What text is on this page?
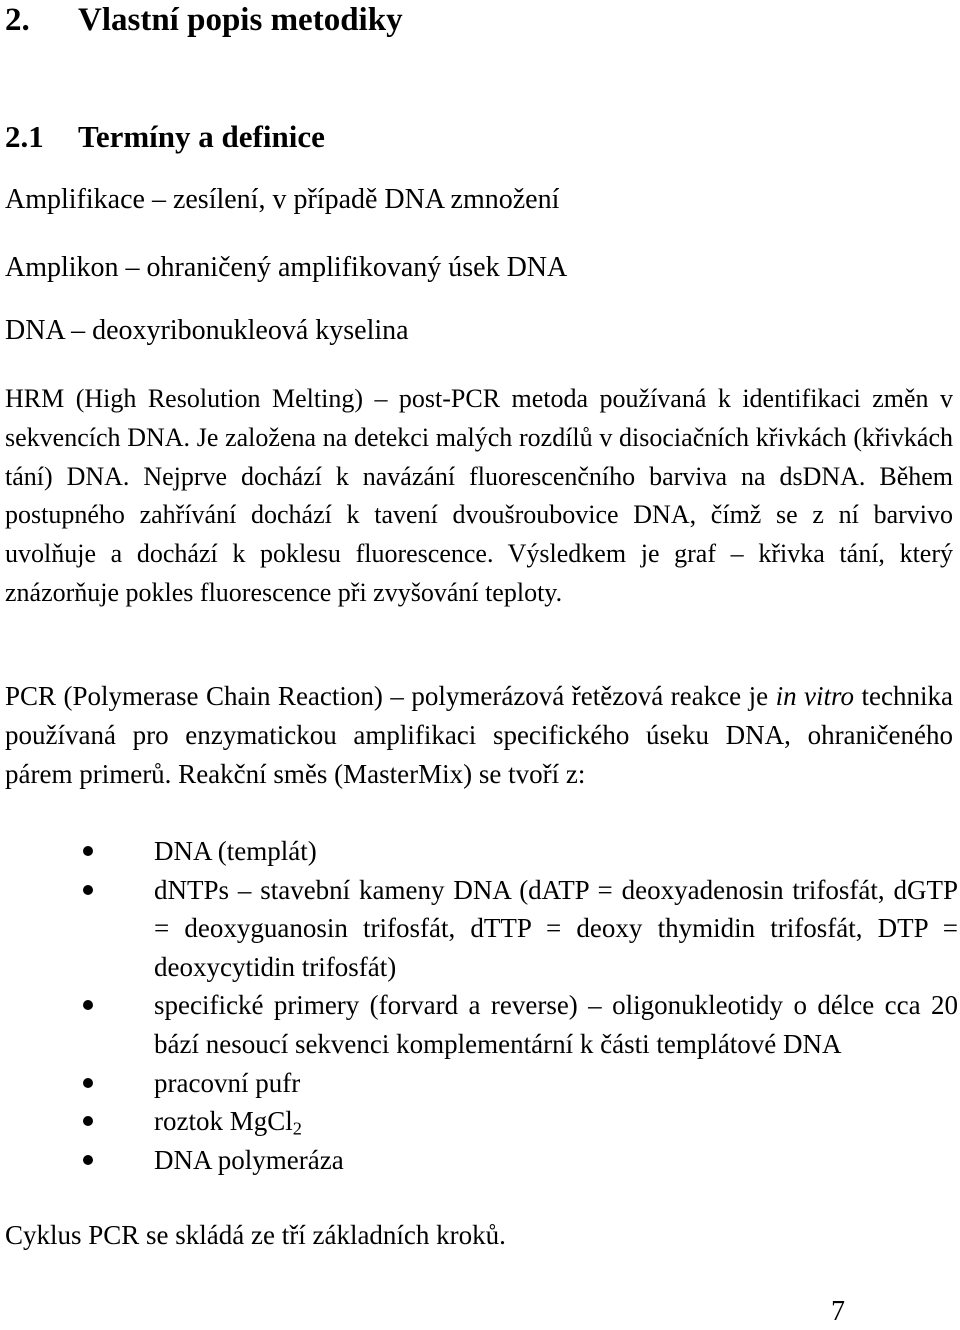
2. Vlastní popis metodiky
2.1 Termíny a definice

Amplifikace – zesílení, v případě DNA zmnožení

Amplikon – ohraničený amplifikovaný úsek DNA

DNA – deoxyribonukleová kyselina

HRM (High Resolution Melting) – post-PCR metoda používaná k identifikaci změn v sekvencích DNA. Je založena na detekci malých rozdílů v disociačních křivkách (křivkách tání) DNA. Nejprve dochází k navázání fluorescenčního barviva na dsDNA. Během postupného zahřívání dochází k tavení dvoušroubovice DNA, čímž se z ní barvivo uvolňuje a dochází k poklesu fluorescence. Výsledkem je graf – křivka tání, který znázorňuje pokles fluorescence při zvyšování teploty.

PCR (Polymerase Chain Reaction) – polymerázová řetězová reakce je in vitro technika používaná pro enzymatickou amplifikaci specifického úseku DNA, ohraničeného párem primerů. Reakční směs (MasterMix) se tvoří z:

DNA (templát)
dNTPs – stavební kameny DNA (dATP = deoxyadenosin trifosfát, dGTP = deoxyguanosin trifosfát, dTTP = deoxy thymidin trifosfát, DTP = deoxycytidin trifosfát)
specifické primery (forvard a reverse) – oligonukleotidy o délce cca 20 bází nesoucí sekvenci komplementární k části templátové DNA
pracovní pufr
roztok MgCl$_2$
DNA polymeráza

Cyklus PCR se skládá ze tří základních kroků.

7
